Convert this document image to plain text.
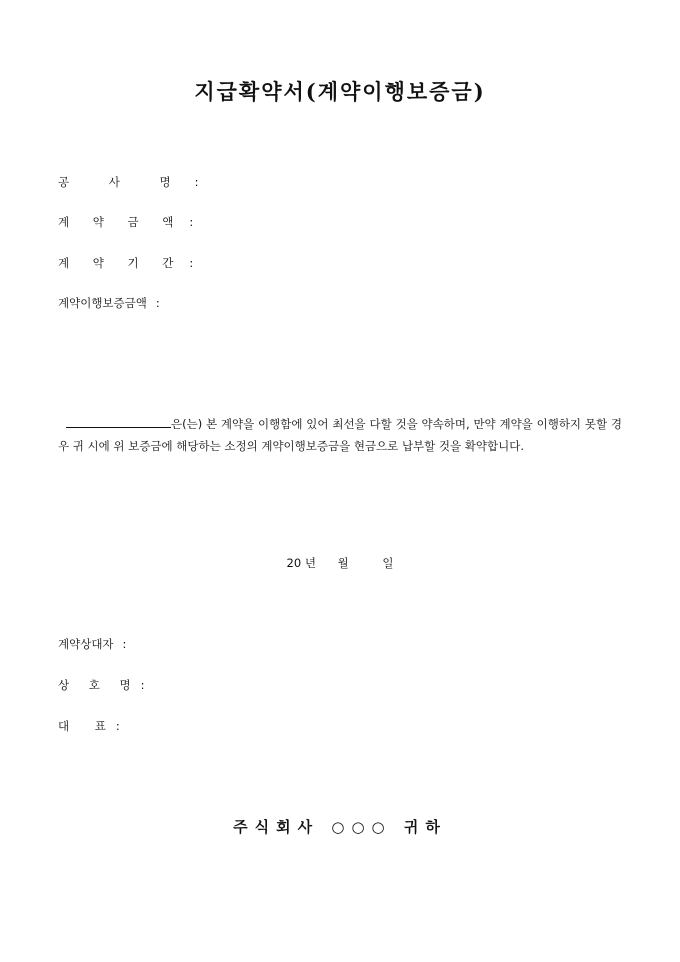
지급확약서(계약이행보증금)
공 사 명 :
계 약 금 액 :
계 약 기 간 :
계약이행보증금액 :
은(는) 본 계약을 이행함에 있어 최선을 다할 것을 약속하며, 만약 계약을 이행하지 못할 경우 귀 시에 위 보증금에 해당하는 소정의 계약이행보증금을 현금으로 납부할 것을 확약합니다.
20 년 월	일
계약상대자 :
상 호 명 :
대       표 :
주식회사 ○○○ 귀하
